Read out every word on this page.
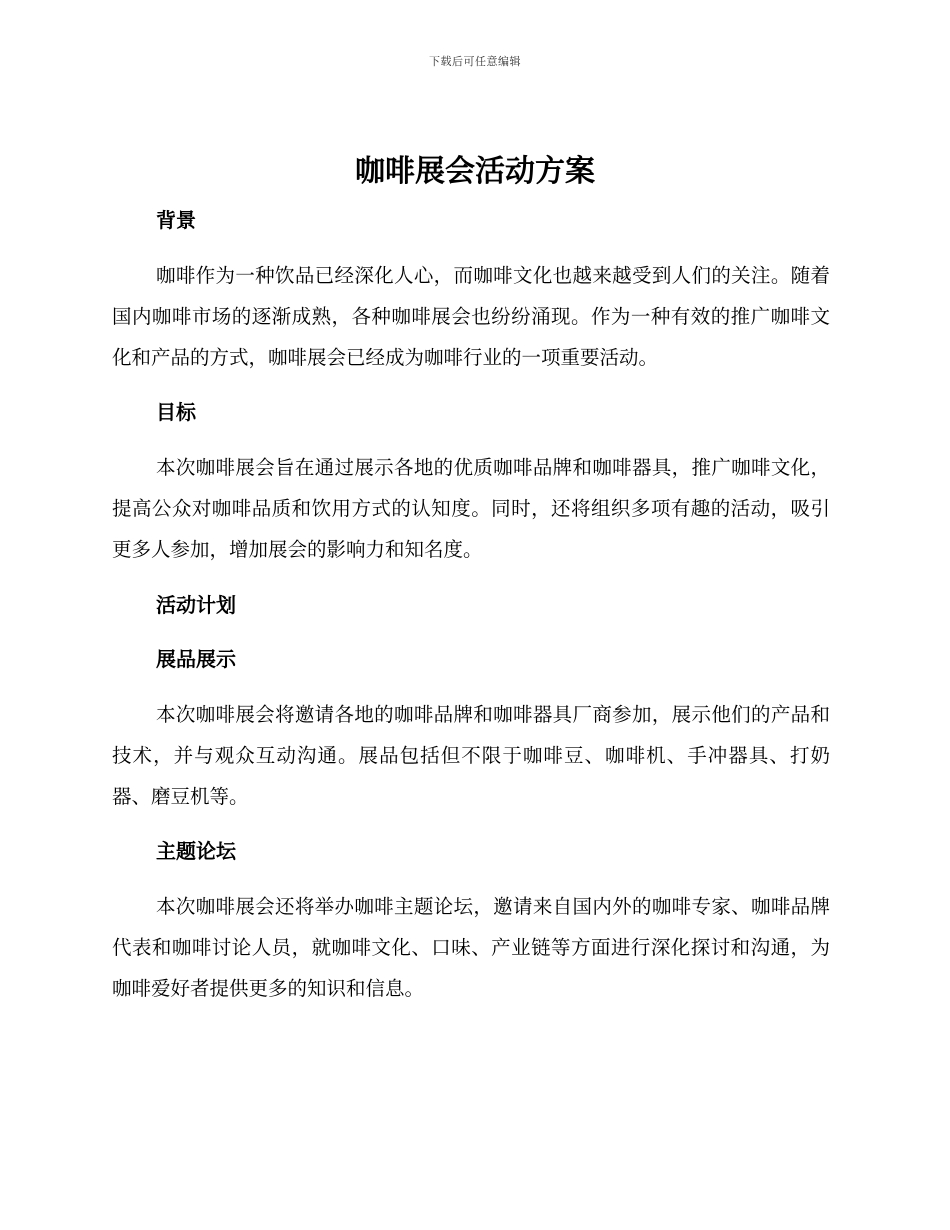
下载后可任意编辑
咖啡展会活动方案
背景

咖啡作为一种饮品已经深化人心，而咖啡文化也越来越受到人们的关注。随着国内咖啡市场的逐渐成熟，各种咖啡展会也纷纷涌现。作为一种有效的推广咖啡文化和产品的方式，咖啡展会已经成为咖啡行业的一项重要活动。

目标

本次咖啡展会旨在通过展示各地的优质咖啡品牌和咖啡器具，推广咖啡文化，提高公众对咖啡品质和饮用方式的认知度。同时，还将组织多项有趣的活动，吸引更多人参加，增加展会的影响力和知名度。

活动计划
展品展示

本次咖啡展会将邀请各地的咖啡品牌和咖啡器具厂商参加，展示他们的产品和技术，并与观众互动沟通。展品包括但不限于咖啡豆、咖啡机、手冲器具、打奶器、磨豆机等。

主题论坛

本次咖啡展会还将举办咖啡主题论坛，邀请来自国内外的咖啡专家、咖啡品牌代表和咖啡讨论人员，就咖啡文化、口味、产业链等方面进行深化探讨和沟通，为咖啡爱好者提供更多的知识和信息。
